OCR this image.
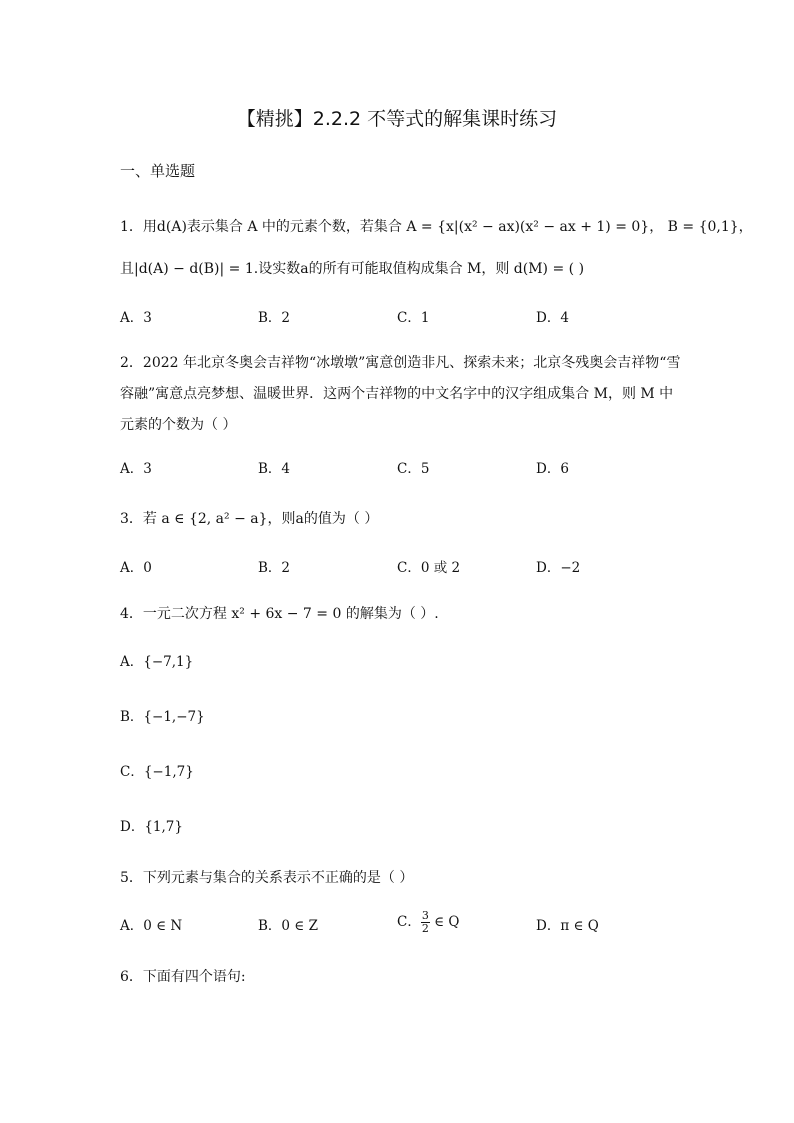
【精挑】2.2.2 不等式的解集课时练习
一、单选题
1．用d(A)表示集合 A 中的元素个数，若集合 A = {x|(x² − ax)(x² − ax + 1) = 0}， B = {0,1}，
且|d(A) − d(B)| = 1.设实数a的所有可能取值构成集合 M，则 d(M) = ( )
A．3	B．2	C．1	D．4
2．2022 年北京冬奥会吉祥物“冰墩墩”寓意创造非凡、探索未来；北京冬残奥会吉祥物“雪
容融”寓意点亮梦想、温暖世界．这两个吉祥物的中文名字中的汉字组成集合 M，则 M 中
元素的个数为（ ）
A．3	B．4	C．5	D．6
3．若 a ∈ {2, a² − a}，则a的值为（ ）
A．0	B．2	C．0 或 2	D．−2
4．一元二次方程 x² + 6x − 7 = 0 的解集为（ ）.
A．{−7,1}
B．{−1,−7}
C．{−1,7}
D．{1,7}
5．下列元素与集合的关系表示不正确的是（ ）
A．0 ∈ N	B．0 ∈ Z	C． $\frac{3}{2}$ ∈ Q	D．π ∈ Q
6．下面有四个语句:
